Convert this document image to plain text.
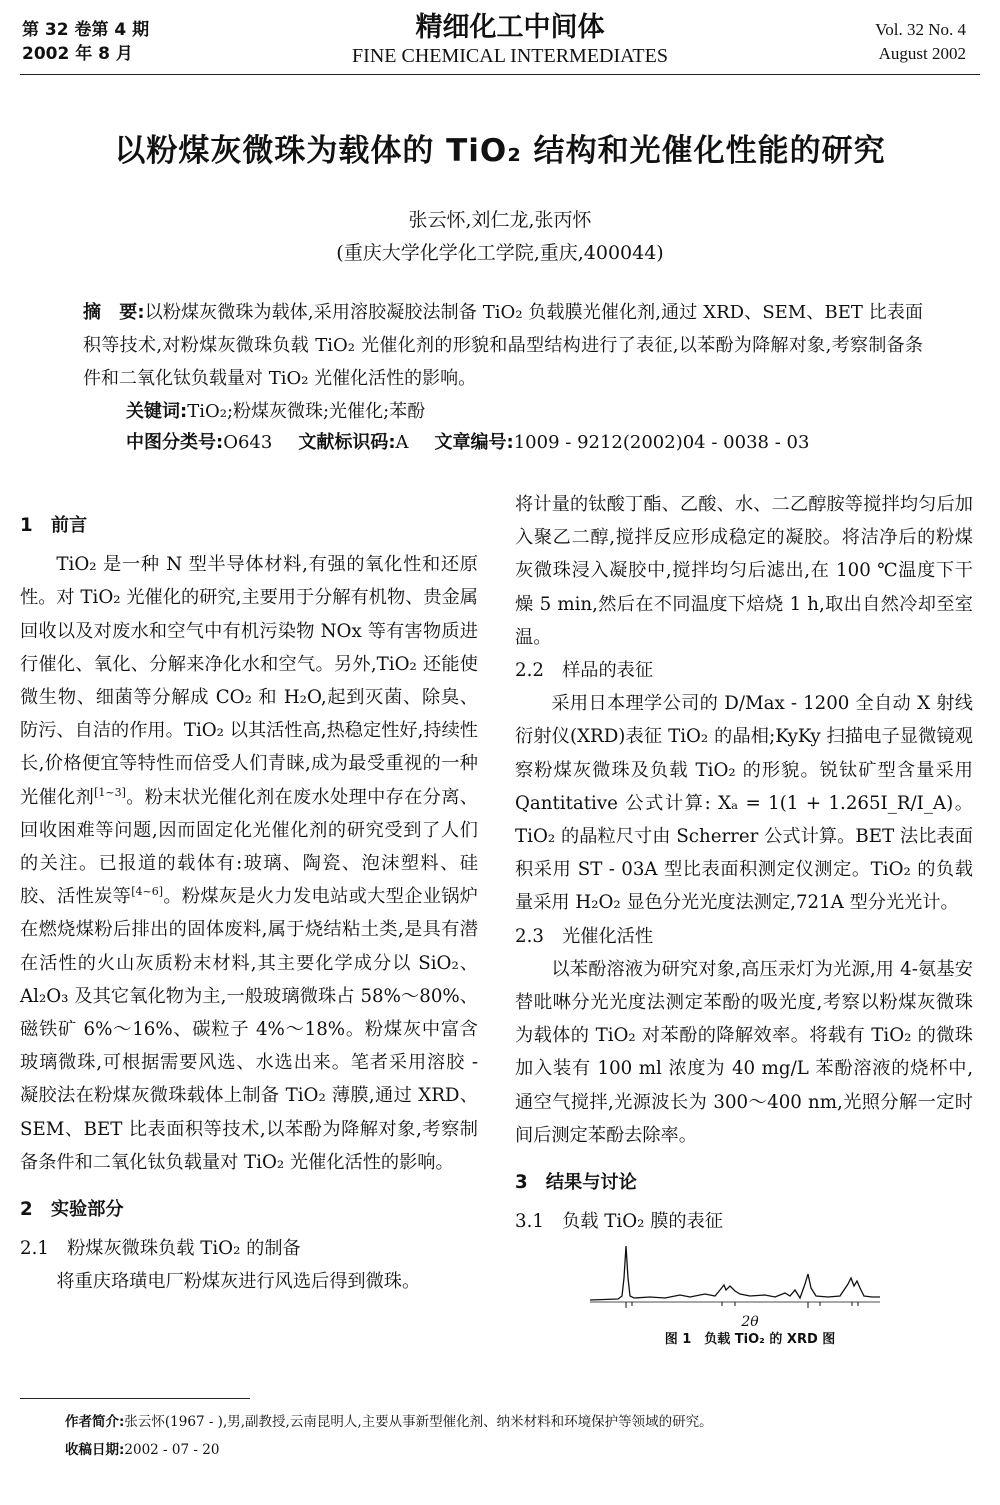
第 32 卷第 4 期
2002 年 8 月
精细化工中间体
FINE CHEMICAL INTERMEDIATES
Vol. 32 No. 4
August 2002
以粉煤灰微珠为载体的 TiO₂ 结构和光催化性能的研究
张云怀,刘仁龙,张丙怀
(重庆大学化学化工学院,重庆,400044)
摘　要:以粉煤灰微珠为载体,采用溶胶凝胶法制备 TiO₂ 负载膜光催化剂,通过 XRD、SEM、BET 比表面积等技术,对粉煤灰微珠负载 TiO₂ 光催化剂的形貌和晶型结构进行了表征,以苯酚为降解对象,考察制备条件和二氧化钛负载量对 TiO₂ 光催化活性的影响。
关键词:TiO₂;粉煤灰微珠;光催化;苯酚
中图分类号:O643 文献标识码:A 文章编号:1009 - 9212(2002)04 - 0038 - 03

1　前言

TiO₂ 是一种 N 型半导体材料,有强的氧化性和还原性。对 TiO₂ 光催化的研究,主要用于分解有机物、贵金属回收以及对废水和空气中有机污染物 NOx 等有害物质进行催化、氧化、分解来净化水和空气。另外,TiO₂ 还能使微生物、细菌等分解成 CO₂ 和 H₂O,起到灭菌、除臭、防污、自洁的作用。TiO₂ 以其活性高,热稳定性好,持续性长,价格便宜等特性而倍受人们青睐,成为最受重视的一种光催化剂[1~3]。粉末状光催化剂在废水处理中存在分离、回收困难等问题,因而固定化光催化剂的研究受到了人们的关注。已报道的载体有:玻璃、陶瓷、泡沫塑料、硅胶、活性炭等[4~6]。粉煤灰是火力发电站或大型企业锅炉在燃烧煤粉后排出的固体废料,属于烧结粘土类,是具有潜在活性的火山灰质粉末材料,其主要化学成分以 SiO₂、Al₂O₃ 及其它氧化物为主,一般玻璃微珠占 58%～80%、磁铁矿 6%～16%、碳粒子 4%～18%。粉煤灰中富含玻璃微珠,可根据需要风选、水选出来。笔者采用溶胶 - 凝胶法在粉煤灰微珠载体上制备 TiO₂ 薄膜,通过 XRD、SEM、BET 比表面积等技术,以苯酚为降解对象,考察制备条件和二氧化钛负载量对 TiO₂ 光催化活性的影响。

2　实验部分

2.1　粉煤灰微珠负载 TiO₂ 的制备

将重庆珞璜电厂粉煤灰进行风选后得到微珠。

将计量的钛酸丁酯、乙酸、水、二乙醇胺等搅拌均匀后加入聚乙二醇,搅拌反应形成稳定的凝胶。将洁净后的粉煤灰微珠浸入凝胶中,搅拌均匀后滤出,在 100 ℃温度下干燥 5 min,然后在不同温度下焙烧 1 h,取出自然冷却至室温。

2.2　样品的表征

采用日本理学公司的 D/Max - 1200 全自动 X 射线衍射仪(XRD)表征 TiO₂ 的晶相;KyKy 扫描电子显微镜观察粉煤灰微珠及负载 TiO₂ 的形貌。锐钛矿型含量采用 Qantitative 公式计算: Xₐ = 1(1 + 1.265I_R/I_A)。TiO₂ 的晶粒尺寸由 Scherrer 公式计算。BET 法比表面积采用 ST - 03A 型比表面积测定仪测定。TiO₂ 的负载量采用 H₂O₂ 显色分光光度法测定,721A 型分光光计。

2.3　光催化活性

以苯酚溶液为研究对象,高压汞灯为光源,用 4-氨基安替吡啉分光光度法测定苯酚的吸光度,考察以粉煤灰微珠为载体的 TiO₂ 对苯酚的降解效率。将载有 TiO₂ 的微珠加入装有 100 ml 浓度为 40 mg/L 苯酚溶液的烧杯中,通空气搅拌,光源波长为 300～400 nm,光照分解一定时间后测定苯酚去除率。

3　结果与讨论

3.1　负载 TiO₂ 膜的表征

2θ
图 1　负载 TiO₂ 的 XRD 图
作者简介:张云怀(1967 - ),男,副教授,云南昆明人,主要从事新型催化剂、纳米材料和环境保护等领域的研究。
收稿日期:2002 - 07 - 20
